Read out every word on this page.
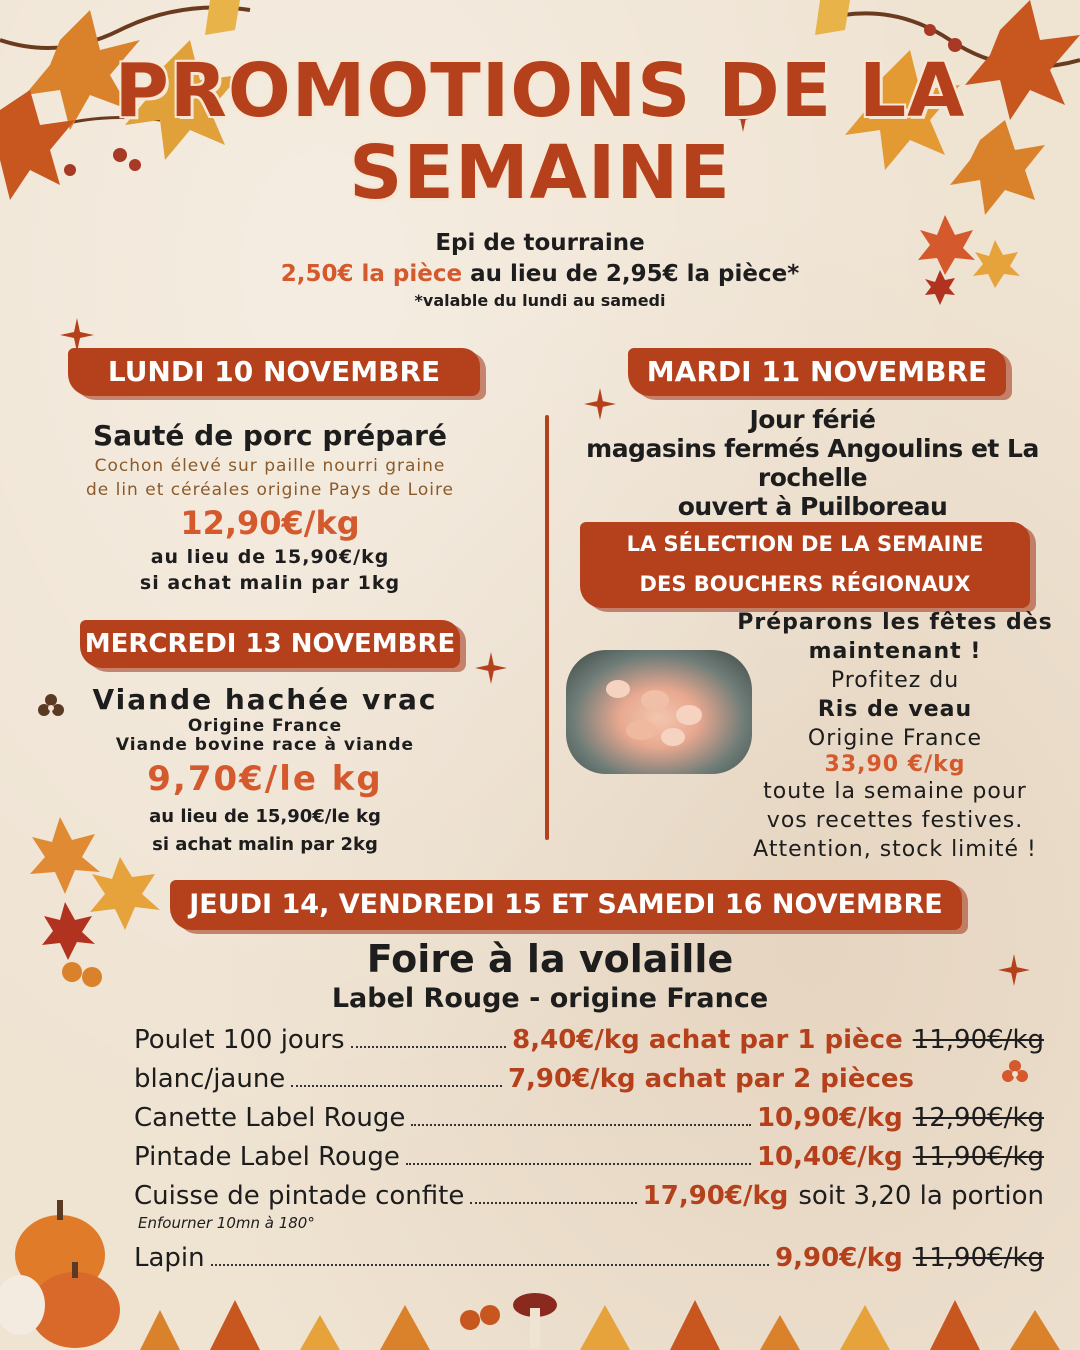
PROMOTIONS DE LA
SEMAINE
Epi de tourraine
2,50€ la pièce au lieu de 2,95€ la pièce*
*valable du lundi au samedi
LUNDI 10 NOVEMBRE
Sauté de porc préparé
Cochon élevé sur paille nourri graine
de lin et céréales origine Pays de Loire
12,90€/kg
au lieu de 15,90€/kg
si achat malin par 1kg
MARDI 11 NOVEMBRE
Jour férié
magasins fermés Angoulins et La
rochelle
ouvert à Puilboreau
LA SÉLECTION DE LA SEMAINE
DES BOUCHERS RÉGIONAUX
Préparons les fêtes dès
maintenant !
Profitez du
Ris de veau
Origine France
33,90 €/kg
toute la semaine pour
vos recettes festives.
Attention, stock limité !
MERCREDI 13 NOVEMBRE
Viande hachée vrac
Origine France
Viande bovine race à viande
9,70€/le kg
au lieu de 15,90€/le kg
si achat malin par 2kg
JEUDI 14, VENDREDI 15 ET SAMEDI 16 NOVEMBRE
Foire à la volaille
Label Rouge - origine France
Poulet 100 jours	8,40€/kg achat par 1 pièce 11,90€/kg
blanc/jaune	7,90€/kg achat par 2 pièces
Canette Label Rouge	10,90€/kg 12,90€/kg
Pintade Label Rouge	10,40€/kg 11,90€/kg
Cuisse de pintade confite	17,90€/kg soit 3,20 la portion
Enfourner 10mn à 180°
Lapin	9,90€/kg 11,90€/kg
